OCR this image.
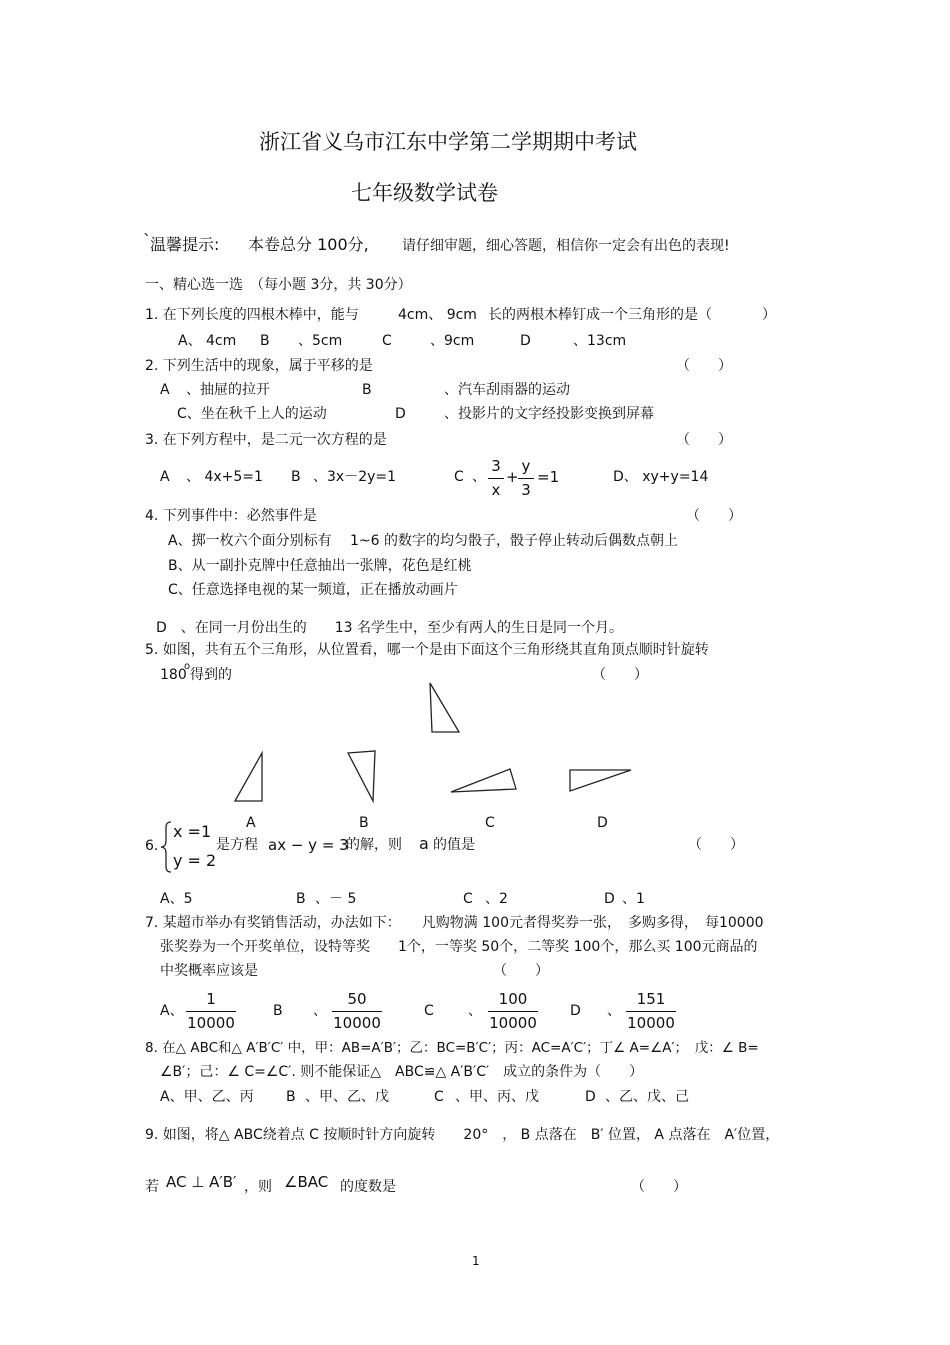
浙江省义乌市江东中学第二学期期中考试
七年级数学试卷
` 温馨提示: 本卷总分 100分, 请仔细审题，细心答题，相信你一定会有出色的表现!
一、精心选一选　（每小题 3分，共 30分）
1. 在下列长度的四根木棒中，能与	4cm、 9cm 长的两根木棒钉成一个三角形的是（	）
A、 4cm B 、5cm	C	、9cm	D	、13cm
2. 下列生活中的现象，属于平移的是	（　　）
A 、抽屉的拉开	B	、汽车刮雨器的运动
C、坐在秋千上人的运动	D	、投影片的文字经投影变换到屏幕
3. 在下列方程中，是二元一次方程的是	（　　）
A 、 4x+5=1 B 、3x－2y=1	C 、
3
x
+
y
3
=1	D、 xy+y=14
4. 下列事件中：必然事件是	（　　）
A、掷一枚六个面分别标有　 1~6 的数字的均匀骰子，骰子停止转动后偶数点朝上
B、从一副扑克牌中任意抽出一张牌，花色是红桃
C、任意选择电视的某一频道，正在播放动画片
D　、在同一月份出生的　　13 名学生中，至少有两人的生日是同一个月。
5. 如图，共有五个三角形，从位置看，哪一个是由下面这个三角形绕其直角顶点顺时针旋转
180
o
得到的	（　　）
A	B	C	D
6.
x =1
y = 2
是方程 ax − y = 3
的解，则 a 的值是	（　　）
A、5	B 、－ 5	C 、2	D 、1
7. 某超市举办有奖销售活动，办法如下：　　凡购物满 100元者得奖券一张，　多购多得，　每10000
张奖券为一个开奖单位，设特等奖　　1个，一等奖 50个，二等奖 100个，那么买 100元商品的
中奖概率应该是	（　　）
A、
1
10000
B 、
50
10000
C 、
100
10000
D 、
151
10000
8. 在△ ABC和△ A′B′C′ 中，甲：AB=A′B′；乙：BC=B′C′；丙：AC=A′C′；丁∠ A=∠A′；　戊：∠ B=
∠B′；己：∠ C=∠C′. 则不能保证△　ABC≌△ A′B′C′　成立的条件为（　　）
A、甲、乙、丙 B 、甲、乙、戊	C 、甲、丙、戊	D 、乙、戊、己
9. 如图，将△ ABC绕着点 C 按顺时针方向旋转　　20°　， B 点落在　B′ 位置， A 点落在　A′位置，
若 AC ⊥ A′B′ ，则 ∠BAC 的度数是	（　　）
1
